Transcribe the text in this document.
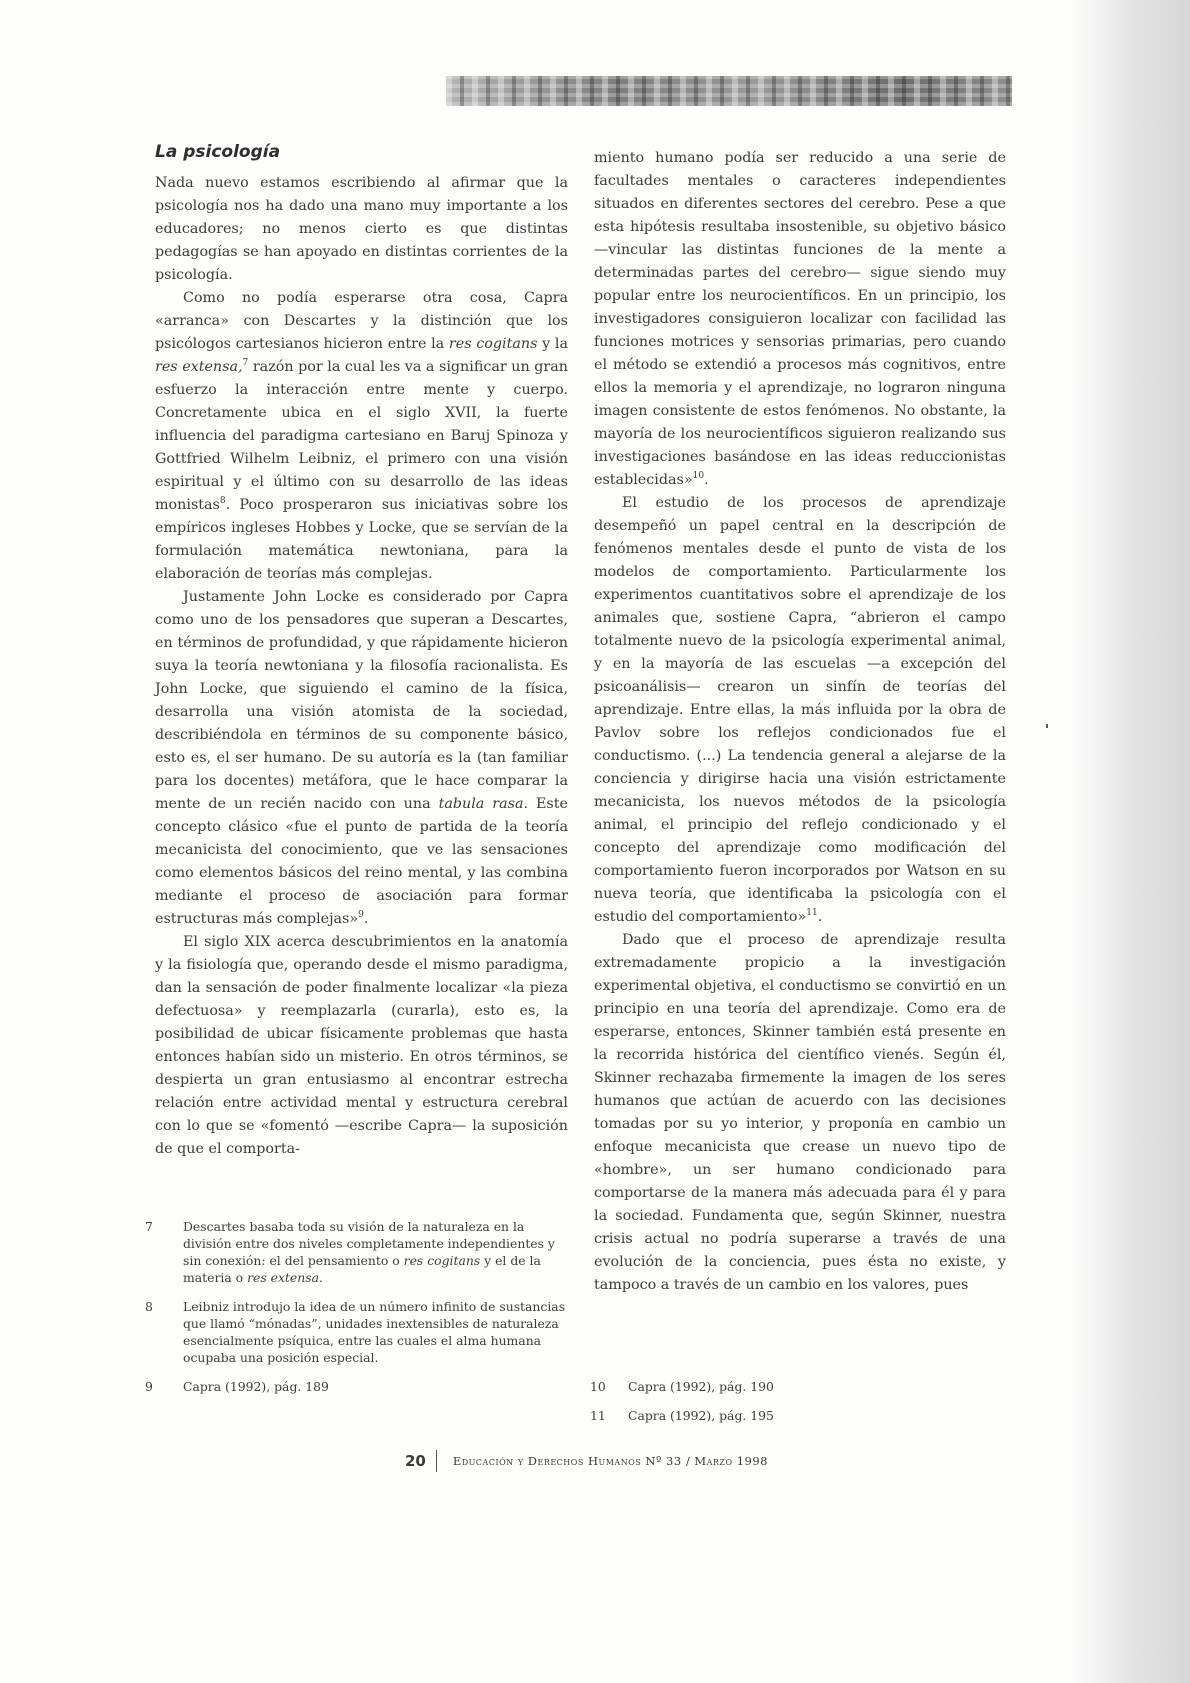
La psicología

Nada nuevo estamos escribiendo al afirmar que la psicología nos ha dado una mano muy importante a los educadores; no menos cierto es que distintas pedagogías se han apoyado en distintas corrientes de la psicología.

Como no podía esperarse otra cosa, Capra «arranca» con Descartes y la distinción que los psicólogos cartesianos hicieron entre la res cogitans y la res extensa,$^7$ razón por la cual les va a significar un gran esfuerzo la interacción entre mente y cuerpo. Concretamente ubica en el siglo XVII, la fuerte influencia del paradigma cartesiano en Baruj Spinoza y Gottfried Wilhelm Leibniz, el primero con una visión espiritual y el último con su desarrollo de las ideas monistas$^8$. Poco prosperaron sus iniciativas sobre los empíricos ingleses Hobbes y Locke, que se servían de la formulación matemática newtoniana, para la elaboración de teorías más complejas.

Justamente John Locke es considerado por Capra como uno de los pensadores que superan a Descartes, en términos de profundidad, y que rápidamente hicieron suya la teoría newtoniana y la filosofía racionalista. Es John Locke, que siguiendo el camino de la física, desarrolla una visión atomista de la sociedad, describiéndola en términos de su componente básico, esto es, el ser humano. De su autoría es la (tan familiar para los docentes) metáfora, que le hace comparar la mente de un recién nacido con una tabula rasa. Este concepto clásico «fue el punto de partida de la teoría mecanicista del conocimiento, que ve las sensaciones como elementos básicos del reino mental, y las combina mediante el proceso de asociación para formar estructuras más complejas»$^9$.

El siglo XIX acerca descubrimientos en la anatomía y la fisiología que, operando desde el mismo paradigma, dan la sensación de poder finalmente localizar «la pieza defectuosa» y reemplazarla (curarla), esto es, la posibilidad de ubicar físicamente problemas que hasta entonces habían sido un misterio. En otros términos, se despierta un gran entusiasmo al encontrar estrecha relación entre actividad mental y estructura cerebral con lo que se «fomentó —escribe Capra— la suposición de que el comporta-

miento humano podía ser reducido a una serie de facultades mentales o caracteres independientes situados en diferentes sectores del cerebro. Pese a que esta hipótesis resultaba insostenible, su objetivo básico —vincular las distintas funciones de la mente a determinadas partes del cerebro— sigue siendo muy popular entre los neurocientíficos. En un principio, los investigadores consiguieron localizar con facilidad las funciones motrices y sensorias primarias, pero cuando el método se extendió a procesos más cognitivos, entre ellos la memoria y el aprendizaje, no lograron ninguna imagen consistente de estos fenómenos. No obstante, la mayoría de los neurocientíficos siguieron realizando sus investigaciones basándose en las ideas reduccionistas establecidas»$^{10}$.

El estudio de los procesos de aprendizaje desempeñó un papel central en la descripción de fenómenos mentales desde el punto de vista de los modelos de comportamiento. Particularmente los experimentos cuantitativos sobre el aprendizaje de los animales que, sostiene Capra, “abrieron el campo totalmente nuevo de la psicología experimental animal, y en la mayoría de las escuelas —a excepción del psicoanálisis— crearon un sinfín de teorías del aprendizaje. Entre ellas, la más influida por la obra de Pavlov sobre los reflejos condicionados fue el conductismo. (...) La tendencia general a alejarse de la conciencia y dirigirse hacia una visión estrictamente mecanicista, los nuevos métodos de la psicología animal, el principio del reflejo condicionado y el concepto del aprendizaje como modificación del comportamiento fueron incorporados por Watson en su nueva teoría, que identificaba la psicología con el estudio del comportamiento»$^{11}$.

Dado que el proceso de aprendizaje resulta extremadamente propicio a la investigación experimental objetiva, el conductismo se convirtió en un principio en una teoría del aprendizaje. Como era de esperarse, entonces, Skinner también está presente en la recorrida histórica del científico vienés. Según él, Skinner rechazaba firmemente la imagen de los seres humanos que actúan de acuerdo con las decisiones tomadas por su yo interior, y proponía en cambio un enfoque mecanicista que crease un nuevo tipo de «hombre», un ser humano condicionado para comportarse de la manera más adecuada para él y para la sociedad. Fundamenta que, según Skinner, nuestra crisis actual no podría superarse a través de una evolución de la conciencia, pues ésta no existe, y tampoco a través de un cambio en los valores, pues

7	Descartes basaba toda su visión de la naturaleza en la división entre dos niveles completamente independientes y sin conexión: el del pensamiento o res cogitans y el de la materia o res extensa.
8	Leibniz introdujo la idea de un número infinito de sustancias que llamó “mónadas”, unidades inextensibles de naturaleza esencialmente psíquica, entre las cuales el alma humana ocupaba una posición especial.
9	Capra (1992), pág. 189	10	Capra (1992), pág. 190
11	Capra (1992), pág. 195
20	Educación y Derechos Humanos Nº 33 / Marzo 1998
